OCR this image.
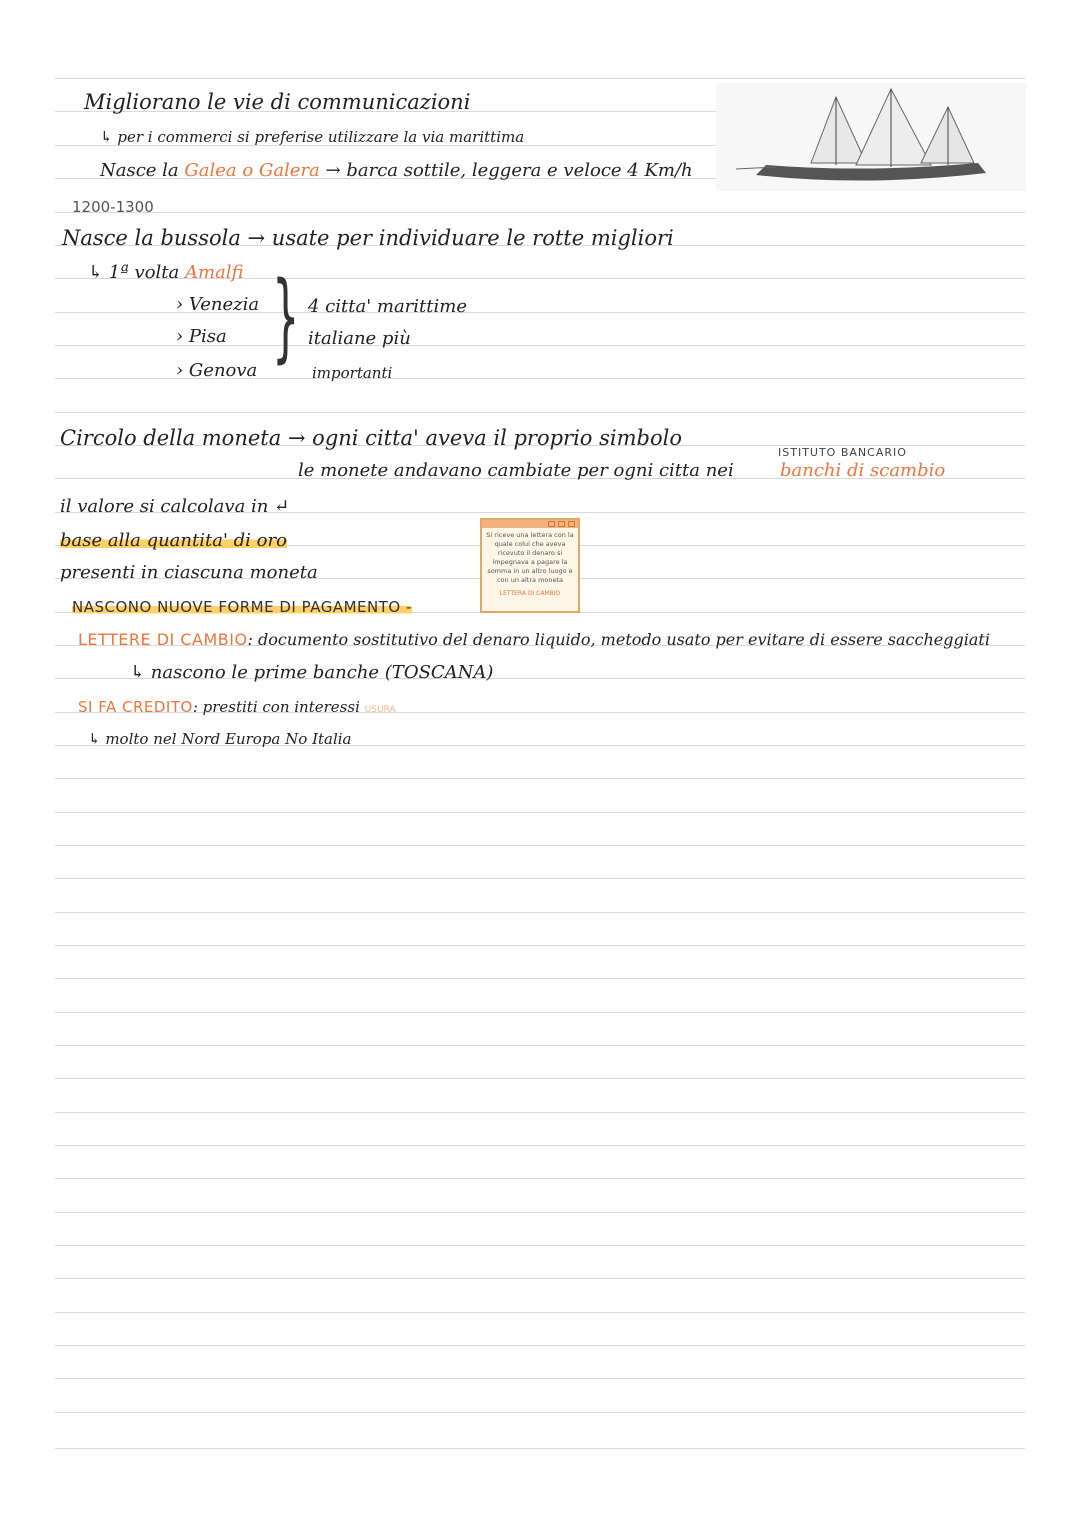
Migliorano le vie di communicazioni
↳ per i commerci si preferise utilizzare la via marittima
Nasce la Galea o Galera → barca sottile, leggera e veloce 4 Km/h
1200-1300
Nasce la bussola → usate per individuare le rotte migliori
↳ 1ª volta Amalfi
› Venezia
› Pisa
› Genova } 4 citta' marittime
italiane più
importanti
Circolo della moneta → ogni citta' aveva il proprio simbolo
ISTITUTO BANCARIO
le monete andavano cambiate per ogni citta nei	banchi di scambio
il valore si calcolava in ↵
base alla quantita' di oro
presenti in ciascuna moneta
Si riceve una lettera con la quale colui che aveva ricevuto il denaro si impegnava a pagare la somma in un altro luogo e con un altra moneta
LETTERA DI CAMBIO
NASCONO NUOVE FORME DI PAGAMENTO -
LETTERE DI CAMBIO: documento sostitutivo del denaro liquido, metodo usato per evitare di essere saccheggiati
↳ nascono le prime banche (TOSCANA)
SI FA CREDITO: prestiti con interessi USURA
↳ molto nel Nord Europa No Italia
